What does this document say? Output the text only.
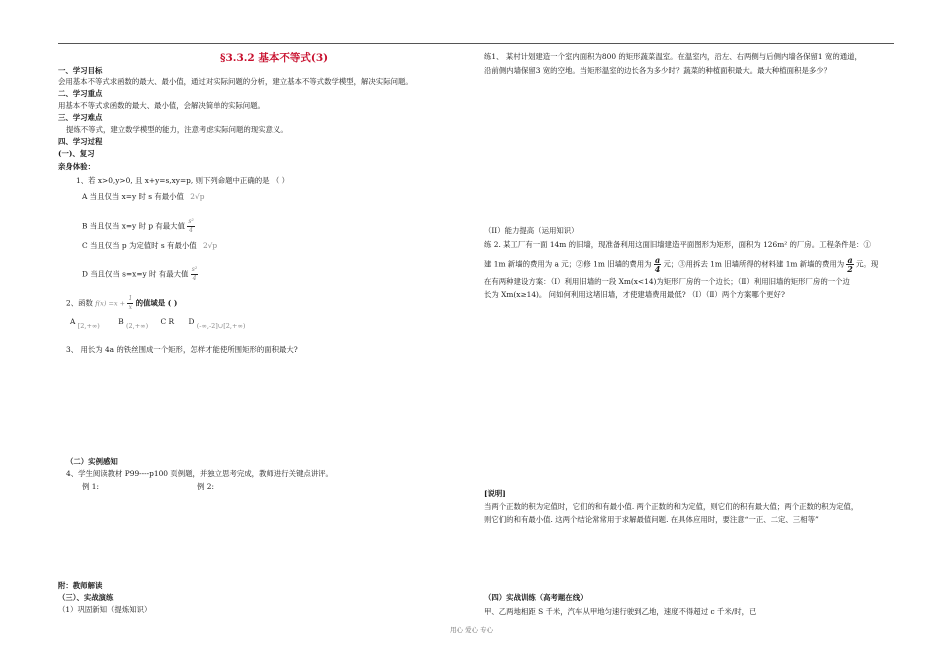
§3.3.2 基本不等式(3)
一、学习目标
会用基本不等式求函数的最大、最小值，通过对实际问题的分析，建立基本不等式数学模型，解决实际问题。
二、学习重点
用基本不等式求函数的最大、最小值，会解决简单的实际问题。
三、学习难点
提炼不等式，建立数学模型的能力，注意考虑实际问题的现实意义。
四、学习过程
(一)、复习
亲身体验：
1、若 x>0,y>0, 且 x+y=s,xy=p, 则下列命题中正确的是 （ ）
A 当且仅当 x=y 时 s 有最小值 2√p
B 当且仅当 x=y 时 p 有最大值 $\frac{\text{s²}}{4}$
C 当且仅当 p 为定值时 s 有最小值 2√p
D 当且仅当 s=x=y 时 有最大值 $\frac{\text{s²}}{4}$
2、函数 $f(x) =x + \frac{1}{x}$ 的值域是 ( )
A [2,+∞) B (2,+∞) C R D (-∞,-2]∪[2,+∞)
3、 用长为 4a 的铁丝围成一个矩形，怎样才能使所围矩形的面积最大?
（二）实例感知
4、学生阅读教材 P99----p100 页例题，并独立思考完成，教师进行关键点讲评。
例 1:	例 2:
附：教师解读
（三）、实战演练
（1）巩固新知（提炼知识）
练1、 某村计划建造一个室内面积为800 的矩形蔬菜温室。在温室内，沿左、右两侧与后侧内墙各保留1 宽的通道，
沿前侧内墙保留3 宽的空地。当矩形温室的边长各为多少时？蔬菜的种植面积最大。最大种植面积是多少？
（II）能力提高（运用知识）
练 2. 某工厂有一面 14m 的旧墙，现准备利用这面旧墙建造平面图形为矩形，面积为 126m² 的厂房。工程条件是：①
建 1m 新墙的费用为 a 元；②修 1m 旧墙的费用为 $\frac{a}{4}$ 元；③用拆去 1m 旧墙所得的材料建 1m 新墙的费用为 $\frac{a}{2}$ 元。现
在有两种建设方案：（Ⅰ）利用旧墙的一段 Xm(x<14)为矩形厂房的一个边长；（Ⅱ）利用旧墙的矩形厂房的一个边
长为 Xm(x≥14)。 问如何利用这堵旧墙，才使建墙费用最低? （Ⅰ）（Ⅱ）两个方案哪个更好?
[说明]
当两个正数的积为定值时，它们的和有最小值. 两个正数的和为定值，则它们的积有最大值；两个正数的积为定值，
则它们的和有最小值. 这两个结论常常用于求解最值问题. 在具体应用时，要注意“一正、二定、三相等”
（四）实战训练（高考题在线）
甲、乙两地相距 S 千米，汽车从甲地匀速行驶到乙地，速度不得超过 c 千米/时，已
用心 爱心 专心
